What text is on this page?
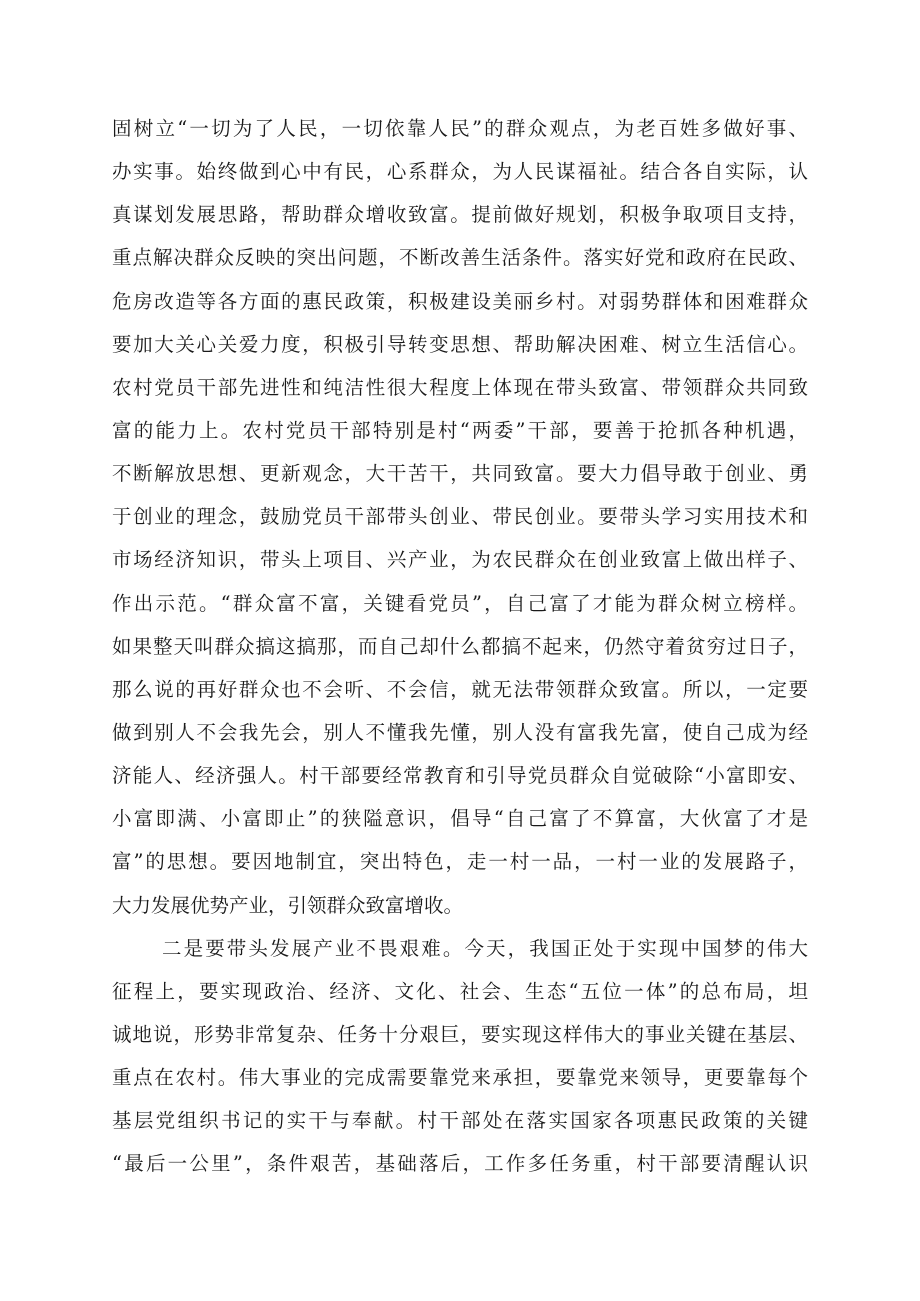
固树立“一切为了人民，一切依靠人民”的群众观点，为老百姓多做好事、
办实事。始终做到心中有民，心系群众，为人民谋福祉。结合各自实际，认
真谋划发展思路，帮助群众增收致富。提前做好规划，积极争取项目支持，
重点解决群众反映的突出问题，不断改善生活条件。落实好党和政府在民政、
危房改造等各方面的惠民政策，积极建设美丽乡村。对弱势群体和困难群众
要加大关心关爱力度，积极引导转变思想、帮助解决困难、树立生活信心。
农村党员干部先进性和纯洁性很大程度上体现在带头致富、带领群众共同致
富的能力上。农村党员干部特别是村“两委”干部，要善于抢抓各种机遇，
不断解放思想、更新观念，大干苦干，共同致富。要大力倡导敢于创业、勇
于创业的理念，鼓励党员干部带头创业、带民创业。要带头学习实用技术和
市场经济知识，带头上项目、兴产业，为农民群众在创业致富上做出样子、
作出示范。“群众富不富，关键看党员”，自己富了才能为群众树立榜样。
如果整天叫群众搞这搞那，而自己却什么都搞不起来，仍然守着贫穷过日子，
那么说的再好群众也不会听、不会信，就无法带领群众致富。所以，一定要
做到别人不会我先会，别人不懂我先懂，别人没有富我先富，使自己成为经
济能人、经济强人。村干部要经常教育和引导党员群众自觉破除“小富即安、
小富即满、小富即止”的狭隘意识，倡导“自己富了不算富，大伙富了才是
富”的思想。要因地制宜，突出特色，走一村一品，一村一业的发展路子，
大力发展优势产业，引领群众致富增收。
二是要带头发展产业不畏艰难。今天，我国正处于实现中国梦的伟大
征程上，要实现政治、经济、文化、社会、生态“五位一体”的总布局，坦
诚地说，形势非常复杂、任务十分艰巨，要实现这样伟大的事业关键在基层、
重点在农村。伟大事业的完成需要靠党来承担，要靠党来领导，更要靠每个
基层党组织书记的实干与奉献。村干部处在落实国家各项惠民政策的关键
“最后一公里”，条件艰苦，基础落后，工作多任务重，村干部要清醒认识
